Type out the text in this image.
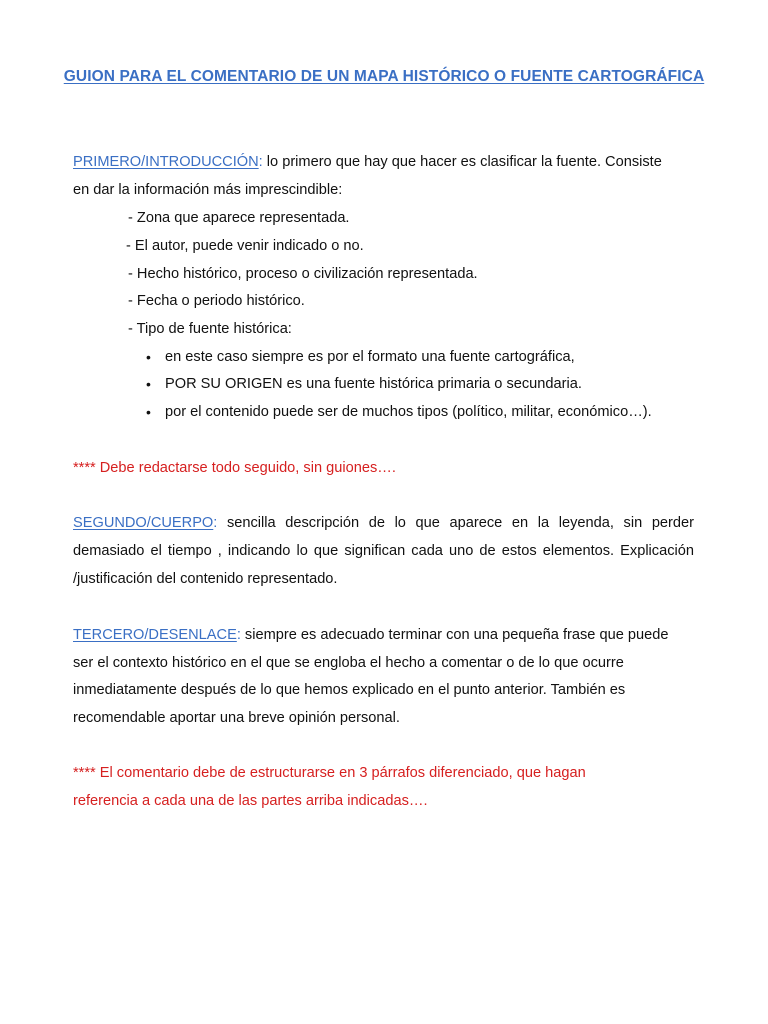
GUION PARA EL COMENTARIO DE UN MAPA HISTÓRICO O FUENTE CARTOGRÁFICA
PRIMERO/INTRODUCCIÓN: lo primero que hay que hacer es clasificar la fuente. Consiste
en dar la información más imprescindible:
- Zona que aparece representada.
- El autor, puede venir indicado o no.
- Hecho histórico, proceso o civilización representada.
- Fecha o periodo histórico.
- Tipo de fuente histórica:
• en este caso siempre es por el formato una fuente cartográfica,
• POR SU ORIGEN es una fuente histórica primaria o secundaria.
• por el contenido puede ser de muchos tipos (político, militar, económico…).
**** Debe redactarse todo seguido, sin guiones….
SEGUNDO/CUERPO: sencilla descripción de lo que aparece en la leyenda, sin perder
demasiado el tiempo , indicando lo que significan cada uno de estos elementos. Explicación
/justificación del contenido representado.
TERCERO/DESENLACE: siempre es adecuado terminar con una pequeña frase que puede
ser el contexto histórico en el que se engloba el hecho a comentar o de lo que ocurre
inmediatamente después de lo que hemos explicado en el punto anterior. También es
recomendable aportar una breve opinión personal.
**** El comentario debe de estructurarse en 3 párrafos diferenciado, que hagan
referencia a cada una de las partes arriba indicadas….
